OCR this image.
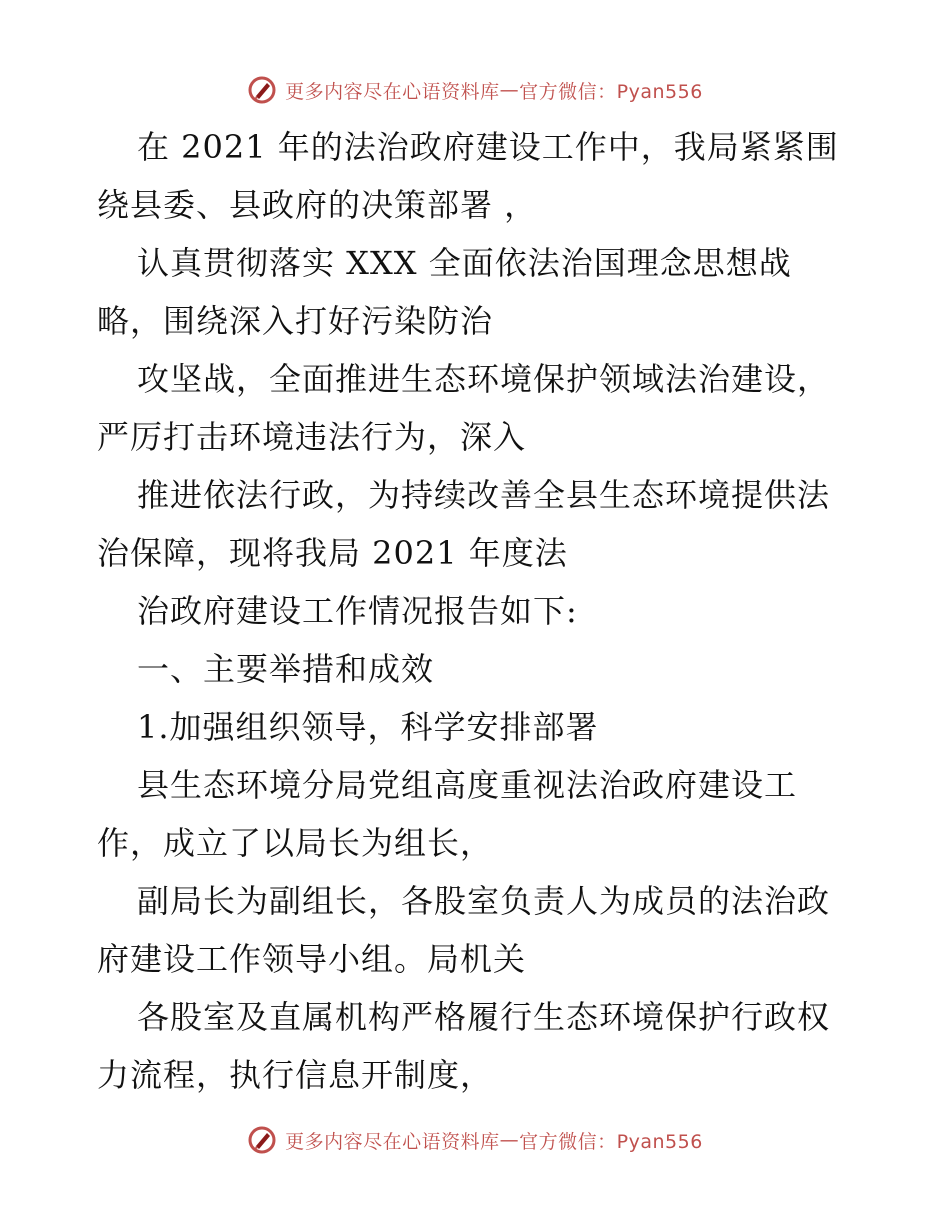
更多内容尽在心语资料库 — 官方微信：Pyan556

在 2021 年的法治政府建设工作中，我局紧紧围绕县委、县政府的决策部署 ，

认真贯彻落实 XXX 全面依法治国理念思想战略，围绕深入打好污染防治

攻坚战，全面推进生态环境保护领域法治建设，严厉打击环境违法行为，深入

推进依法行政，为持续改善全县生态环境提供法治保障，现将我局 2021 年度法

治政府建设工作情况报告如下:

一、主要举措和成效

1.加强组织领导，科学安排部署

县生态环境分局党组高度重视法治政府建设工作，成立了以局长为组长，

副局长为副组长，各股室负责人为成员的法治政府建设工作领导小组。局机关

各股室及直属机构严格履行生态环境保护行政权力流程，执行信息开制度，

更多内容尽在心语资料库 — 官方微信：Pyan556
